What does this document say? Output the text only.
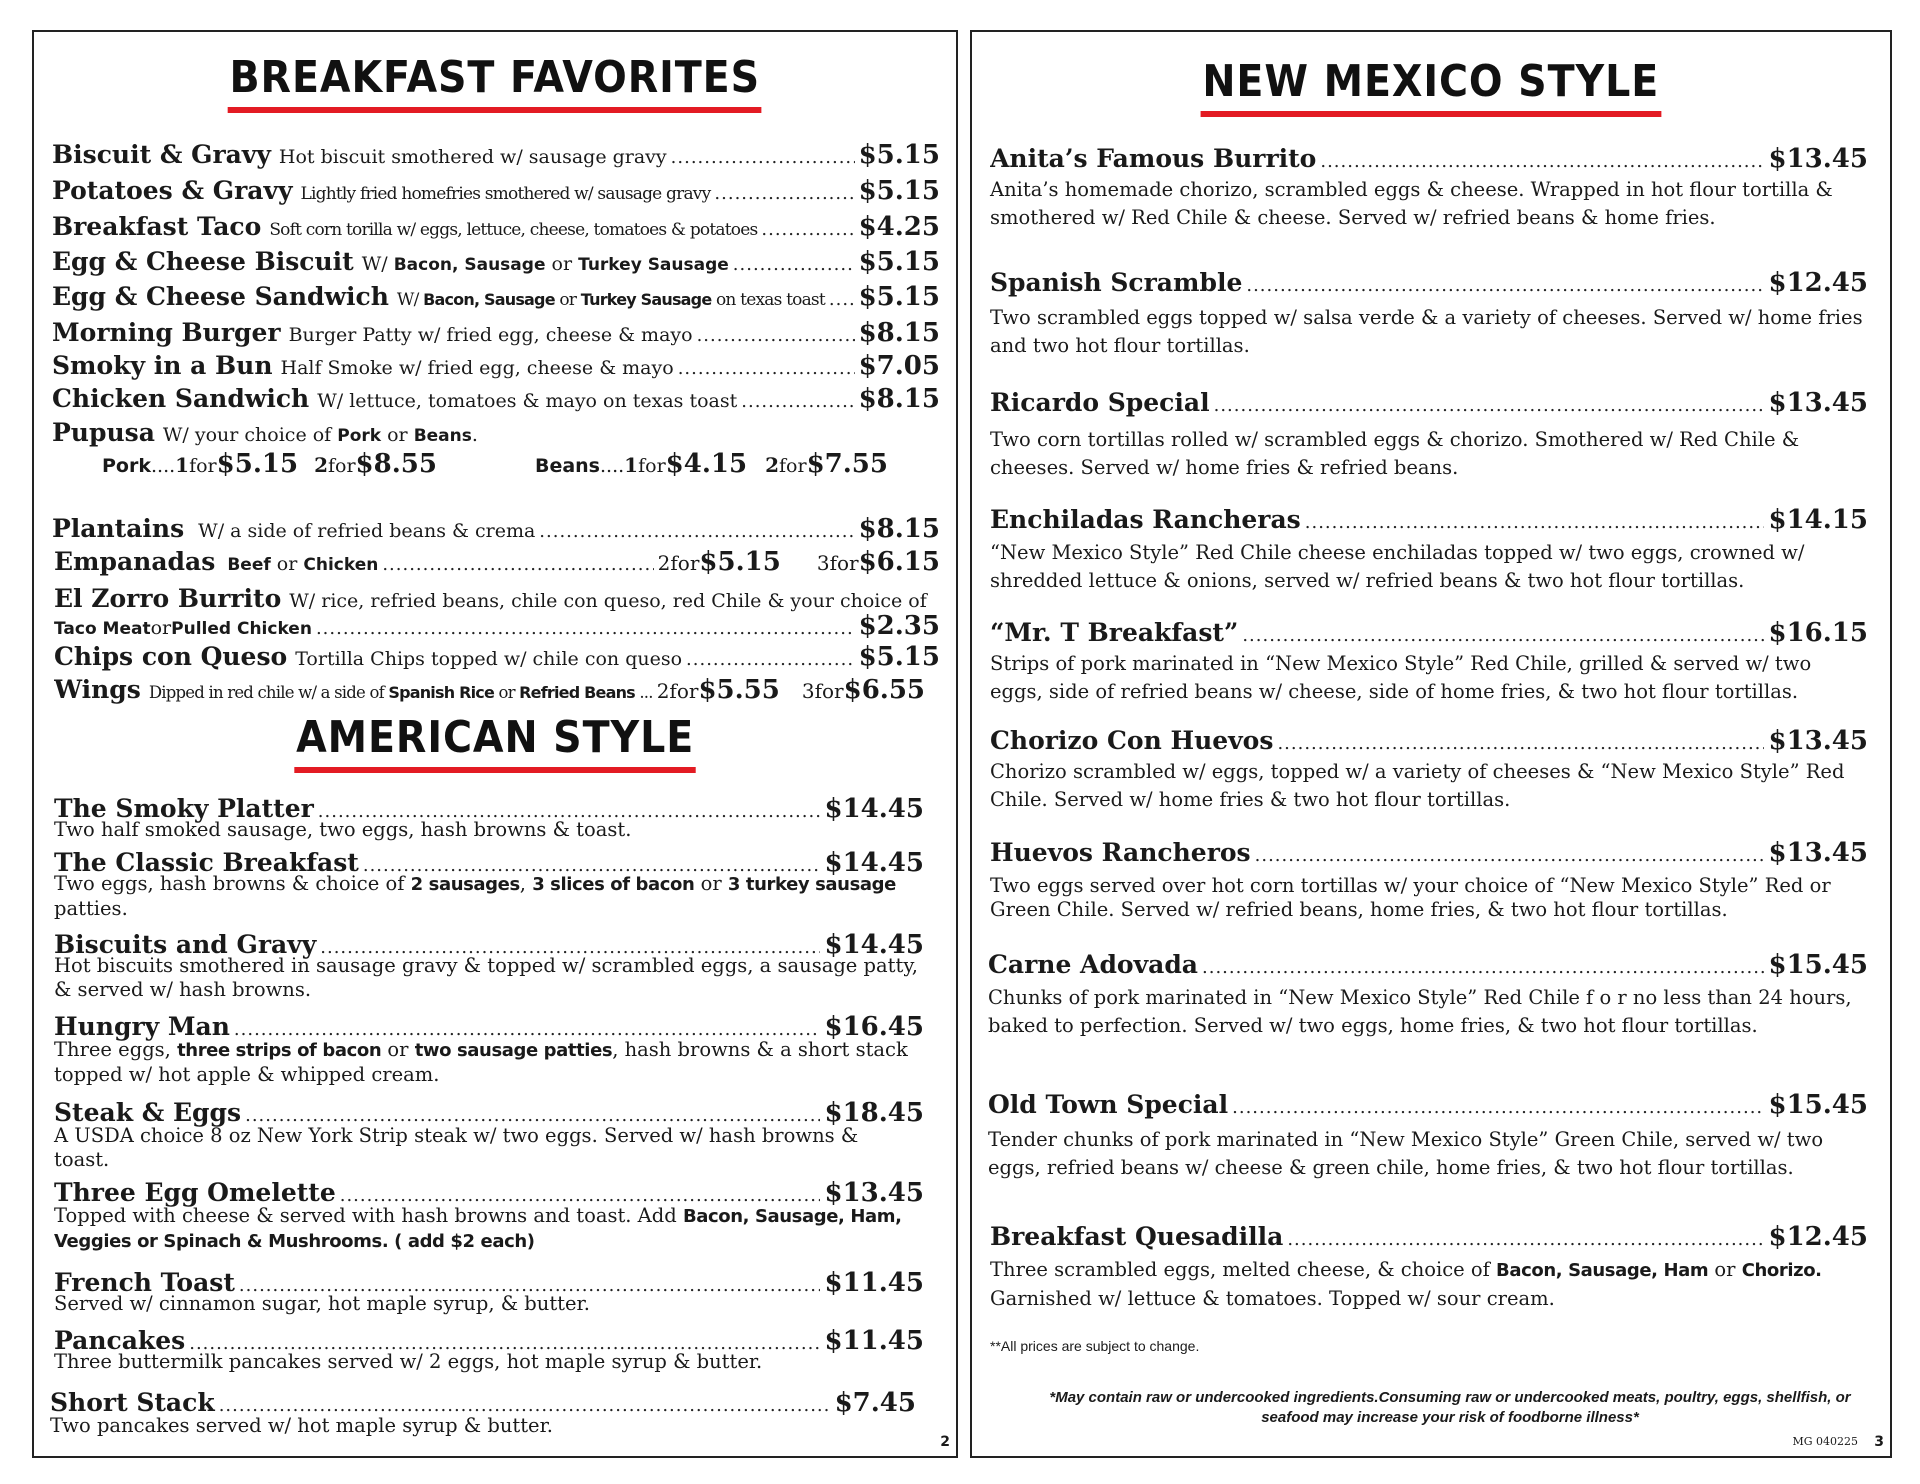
BREAKFAST FAVORITES
Biscuit & Gravy Hot biscuit smothered w/ sausage gravy .....	$5.15
Potatoes & Gravy Lightly fried homefries smothered w/ sausage gravy .....	$5.15
Breakfast Taco Soft corn torilla w/ eggs, lettuce, cheese, tomatoes & potatoes .....	$4.25
Egg & Cheese Biscuit W/ Bacon, Sausage or Turkey Sausage .....	$5.15
Egg & Cheese Sandwich W/ Bacon, Sausage or Turkey Sausage on texas toast ..... $5.15
Morning Burger Burger Patty w/ fried egg, cheese & mayo .....	$8.15
Smoky in a Bun Half Smoke w/ fried egg, cheese & mayo .....	$7.05
Chicken Sandwich W/ lettuce, tomatoes & mayo on texas toast .....	$8.15
Pupusa W/ your choice of Pork or Beans.
Pork .... 1 for $5.15 2 for $8.55	Beans .... 1 for $4.15 2 for $7.55
Plantains W/ a side of refried beans & crema .....	$8.15
Empanadas Beef or Chicken .....	2 for $5.15 3 for $6.15
El Zorro Burrito W/ rice, refried beans, chile con queso, red Chile & your choice of
Taco Meat or Pulled Chicken .....	$2.35
Chips con Queso Tortilla Chips topped w/ chile con queso .....	$5.15
Wings Dipped in red chile w/ a side of Spanish Rice or Refried Beans ... 2 for $5.55 3 for $6.55
AMERICAN STYLE
The Smoky Platter .....	$14.45
Two half smoked sausage, two eggs, hash browns & toast.
The Classic Breakfast .....	$14.45
Two eggs, hash browns & choice of 2 sausages, 3 slices of bacon or 3 turkey sausage patties.
Biscuits and Gravy .....	$14.45
Hot biscuits smothered in sausage gravy & topped w/ scrambled eggs, a sausage patty, & served w/ hash browns.
Hungry Man .....	$16.45
Three eggs, three strips of bacon or two sausage patties, hash browns & a short stack topped w/ hot apple & whipped cream.
Steak & Eggs .....	$18.45
A USDA choice 8 oz New York Strip steak w/ two eggs. Served w/ hash browns & toast.
Three Egg Omelette .....	$13.45
Topped with cheese & served with hash browns and toast. Add Bacon, Sausage, Ham, Veggies or Spinach & Mushrooms. ( add $2 each)
French Toast .....	$11.45
Served w/ cinnamon sugar, hot maple syrup, & butter.
Pancakes .....	$11.45
Three buttermilk pancakes served w/ 2 eggs, hot maple syrup & butter.
Short Stack .....	$7.45
Two pancakes served w/ hot maple syrup & butter.
2
NEW MEXICO STYLE
Anita’s Famous Burrito .....	$13.45
Anita’s homemade chorizo, scrambled eggs & cheese. Wrapped in hot flour tortilla & smothered w/ Red Chile & cheese. Served w/ refried beans & home fries.
Spanish Scramble .....	$12.45
Two scrambled eggs topped w/ salsa verde & a variety of cheeses. Served w/ home fries and two hot flour tortillas.
Ricardo Special .....	$13.45
Two corn tortillas rolled w/ scrambled eggs & chorizo. Smothered w/ Red Chile & cheeses. Served w/ home fries & refried beans.
Enchiladas Rancheras .....	$14.15
“New Mexico Style” Red Chile cheese enchiladas topped w/ two eggs, crowned w/ shredded lettuce & onions, served w/ refried beans & two hot flour tortillas.
“Mr. T Breakfast” .....	$16.15
Strips of pork marinated in “New Mexico Style” Red Chile, grilled & served w/ two eggs, side of refried beans w/ cheese, side of home fries, & two hot flour tortillas.
Chorizo Con Huevos .....	$13.45
Chorizo scrambled w/ eggs, topped w/ a variety of cheeses & “New Mexico Style” Red Chile. Served w/ home fries & two hot flour tortillas.
Huevos Rancheros .....	$13.45
Two eggs served over hot corn tortillas w/ your choice of “New Mexico Style” Red or Green Chile. Served w/ refried beans, home fries, & two hot flour tortillas.
Carne Adovada .....	$15.45
Chunks of pork marinated in “New Mexico Style” Red Chile f o r no less than 24 hours, baked to perfection. Served w/ two eggs, home fries, & two hot flour tortillas.
Old Town Special .....	$15.45
Tender chunks of pork marinated in “New Mexico Style” Green Chile, served w/ two eggs, refried beans w/ cheese & green chile, home fries, & two hot flour tortillas.
Breakfast Quesadilla .....	$12.45
Three scrambled eggs, melted cheese, & choice of Bacon, Sausage, Ham or Chorizo. Garnished w/ lettuce & tomatoes. Topped w/ sour cream.
**All prices are subject to change.
*May contain raw or undercooked ingredients.Consuming raw or undercooked meats, poultry, eggs, shellfish, or seafood may increase your risk of foodborne illness*
MG 040225 3
